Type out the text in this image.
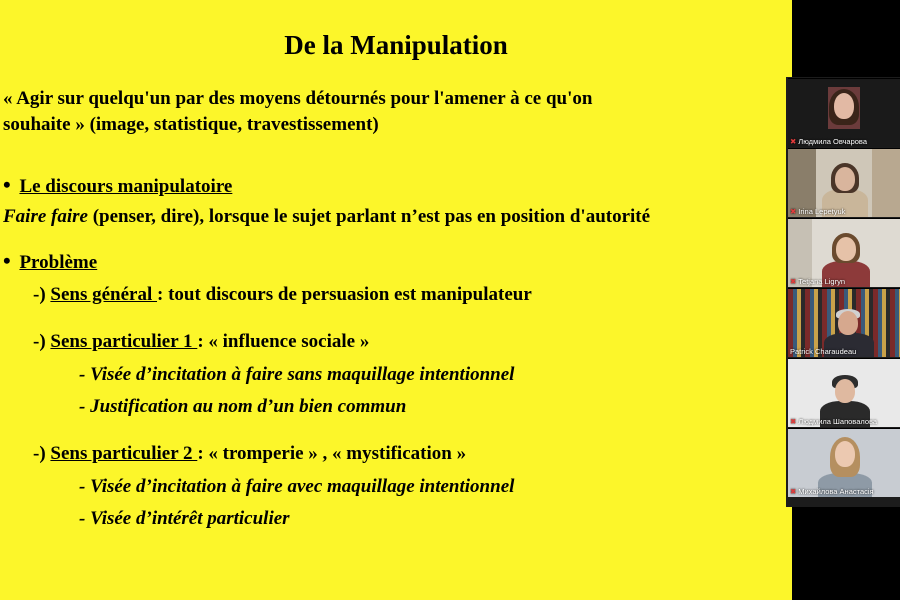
De la Manipulation
« Agir sur quelqu'un par des moyens détournés pour l'amener à ce qu'on
souhaite » (image, statistique, travestissement)
• Le discours manipulatoire
Faire faire (penser, dire), lorsque le sujet parlant n’est pas en position d'autorité
• Problème
-) Sens général : tout discours de persuasion est manipulateur
-) Sens particulier 1 : « influence sociale »
- Visée d’incitation à faire sans maquillage intentionnel
- Justification au nom d’un bien commun
-) Sens particulier 2 : « tromperie » , « mystification »
- Visée d’incitation à faire avec maquillage intentionnel
- Visée d’intérêt particulier
✖ Людмила Овчарова
✖ Irina Lepetyuk
✖ Tetjana Ligryn
Patrick Charaudeau
✖ Людмила Шаповалова
✖ Михайлова Анастасія
